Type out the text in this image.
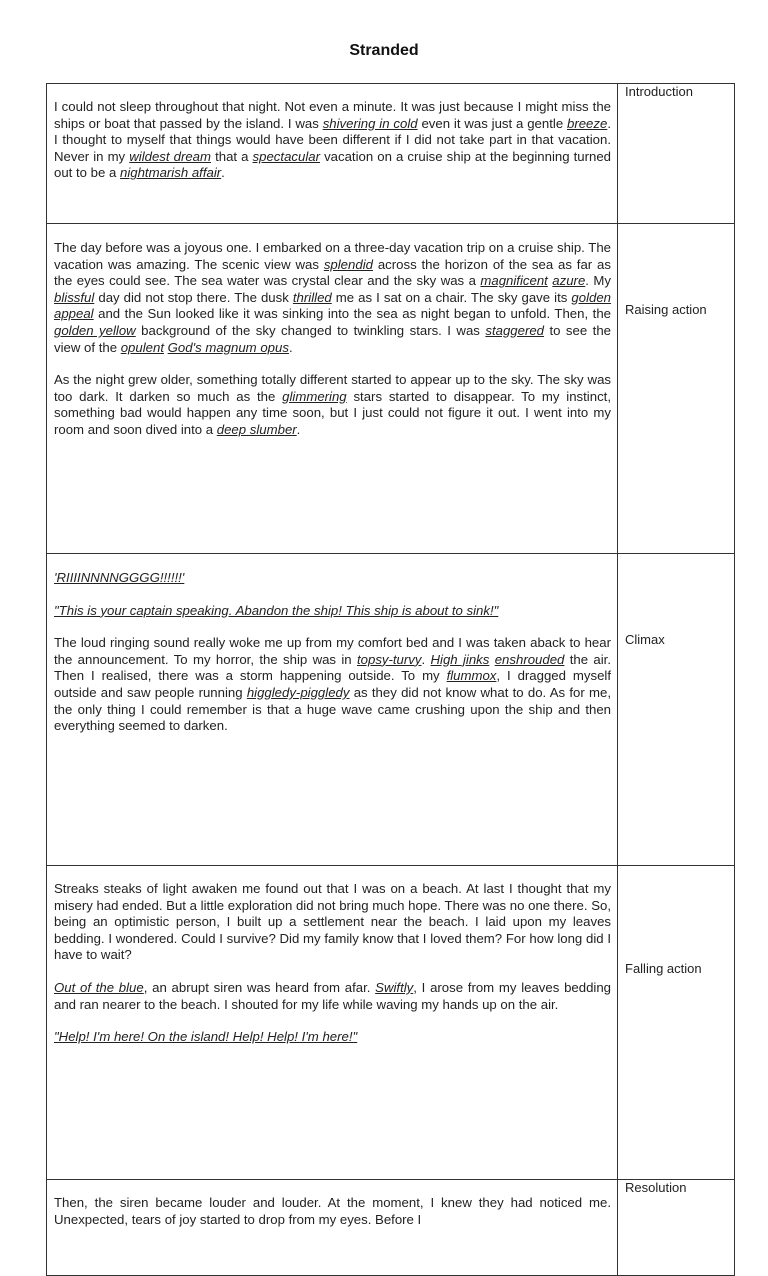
Stranded

I could not sleep throughout that night. Not even a minute. It was just because I might miss the ships or boat that passed by the island. I was shivering in cold even it was just a gentle breeze. I thought to myself that things would have been different if I did not take part in that vacation. Never in my wildest dream that a spectacular vacation on a cruise ship at the beginning turned out to be a nightmarish affair.	Introduction

The day before was a joyous one. I embarked on a three-day vacation trip on a cruise ship. The vacation was amazing. The scenic view was splendid across the horizon of the sea as far as the eyes could see. The sea water was crystal clear and the sky was a magnificent azure. My blissful day did not stop there. The dusk thrilled me as I sat on a chair. The sky gave its golden appeal and the Sun looked like it was sinking into the sea as night began to unfold. Then, the golden yellow background of the sky changed to twinkling stars. I was staggered to see the view of the opulent God's magnum opus.

As the night grew older, something totally different started to appear up to the sky. The sky was too dark. It darken so much as the glimmering stars started to disappear. To my instinct, something bad would happen any time soon, but I just could not figure it out. I went into my room and soon dived into a deep slumber.	Raising action

'RIIIINNNNGGGG!!!!!!'

"This is your captain speaking. Abandon the ship! This ship is about to sink!"

The loud ringing sound really woke me up from my comfort bed and I was taken aback to hear the announcement. To my horror, the ship was in topsy-turvy. High jinks enshrouded the air. Then I realised, there was a storm happening outside. To my flummox, I dragged myself outside and saw people running higgledy-piggledy as they did not know what to do. As for me, the only thing I could remember is that a huge wave came crushing upon the ship and then everything seemed to darken.	Climax

Streaks steaks of light awaken me found out that I was on a beach. At last I thought that my misery had ended. But a little exploration did not bring much hope. There was no one there. So, being an optimistic person, I built up a settlement near the beach. I laid upon my leaves bedding. I wondered. Could I survive? Did my family know that I loved them? For how long did I have to wait?

Out of the blue, an abrupt siren was heard from afar. Swiftly, I arose from my leaves bedding and ran nearer to the beach. I shouted for my life while waving my hands up on the air.

"Help! I'm here! On the island! Help! Help! I'm here!"	Falling action

Then, the siren became louder and louder. At the moment, I knew they had noticed me. Unexpected, tears of joy started to drop from my eyes. Before I	Resolution
